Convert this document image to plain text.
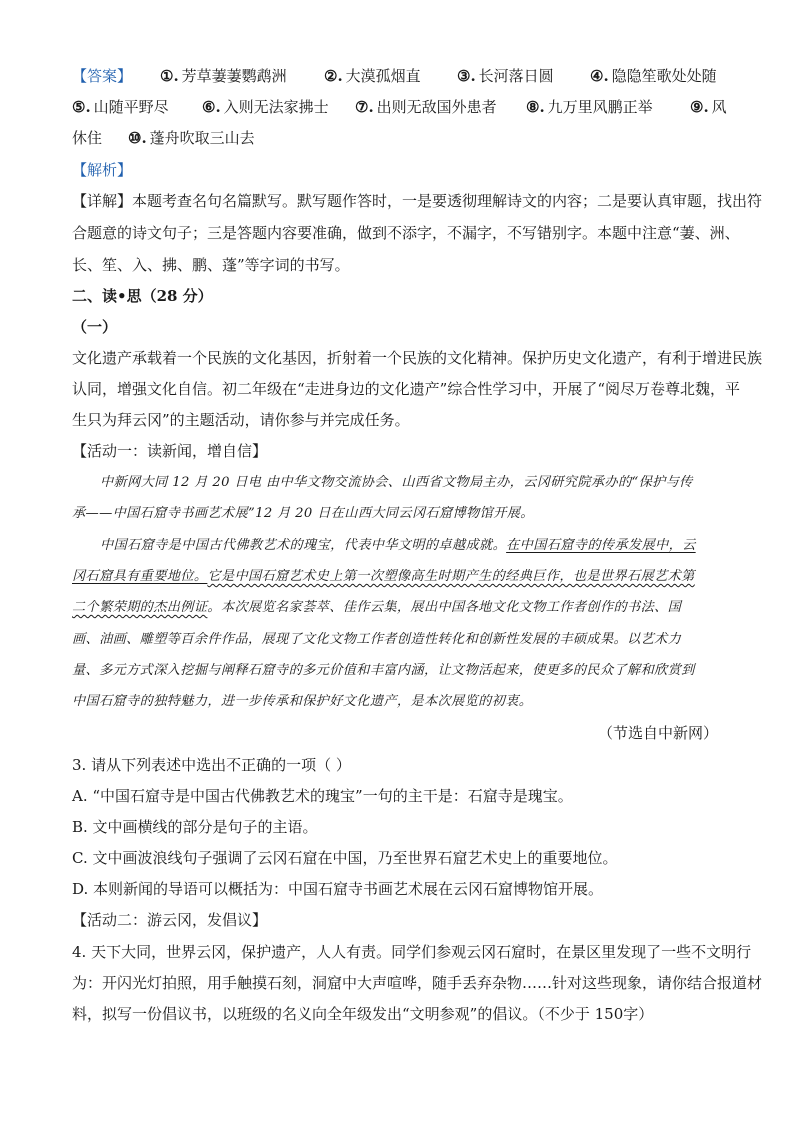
【答案】 ①. 芳草萋萋鹦鹉洲 ②. 大漠孤烟直 ③. 长河落日圆 ④. 隐隐笙歌处处随
⑤. 山随平野尽 ⑥. 入则无法家拂士 ⑦. 出则无敌国外患者 ⑧. 九万里风鹏正举 ⑨. 风
休住 ⑩. 蓬舟吹取三山去
【解析】
【详解】本题考查名句名篇默写。默写题作答时，一是要透彻理解诗文的内容；二是要认真审题，找出符
合题意的诗文句子；三是答题内容要准确，做到不添字，不漏字，不写错别字。本题中注意“萋、洲、
长、笙、入、拂、鹏、蓬”等字词的书写。
二、读•思（28 分）
（一）
文化遗产承载着一个民族的文化基因，折射着一个民族的文化精神。保护历史文化遗产，有利于增进民族
认同，增强文化自信。初二年级在“走进身边的文化遗产”综合性学习中，开展了“阅尽万卷尊北魏，平
生只为拜云冈”的主题活动，请你参与并完成任务。
【活动一：读新闻，增自信】
中新网大同 12 月 20 日电 由中华文物交流协会、山西省文物局主办，云冈研究院承办的“保护与传
承——中国石窟寺书画艺术展”12 月 20 日在山西大同云冈石窟博物馆开展。
中国石窟寺是中国古代佛教艺术的瑰宝，代表中华文明的卓越成就。在中国石窟寺的传承发展中，云
冈石窟具有重要地位。它是中国石窟艺术史上第一次塑像高生时期产生的经典巨作，也是世界石展艺术第
二个繁荣期的杰出例证。本次展览名家荟萃、佳作云集，展出中国各地文化文物工作者创作的书法、国
画、油画、雕塑等百余件作品，展现了文化文物工作者创造性转化和创新性发展的丰硕成果。以艺术力
量、多元方式深入挖掘与阐释石窟寺的多元价值和丰富内涵，让文物活起来，使更多的民众了解和欣赏到
中国石窟寺的独特魅力，进一步传承和保护好文化遗产，是本次展览的初衷。
（节选自中新网）
3. 请从下列表述中选出不正确的一项（ ）
A. “中国石窟寺是中国古代佛教艺术的瑰宝”一句的主干是：石窟寺是瑰宝。
B. 文中画横线的部分是句子的主语。
C. 文中画波浪线句子强调了云冈石窟在中国，乃至世界石窟艺术史上的重要地位。
D. 本则新闻的导语可以概括为：中国石窟寺书画艺术展在云冈石窟博物馆开展。
【活动二：游云冈，发倡议】
4. 天下大同，世界云冈，保护遗产，人人有责。同学们参观云冈石窟时，在景区里发现了一些不文明行
为：开闪光灯拍照，用手触摸石刻，洞窟中大声喧哗，随手丢弃杂物……针对这些现象，请你结合报道材
料，拟写一份倡议书，以班级的名义向全年级发出“文明参观”的倡议。（不少于 150字）
